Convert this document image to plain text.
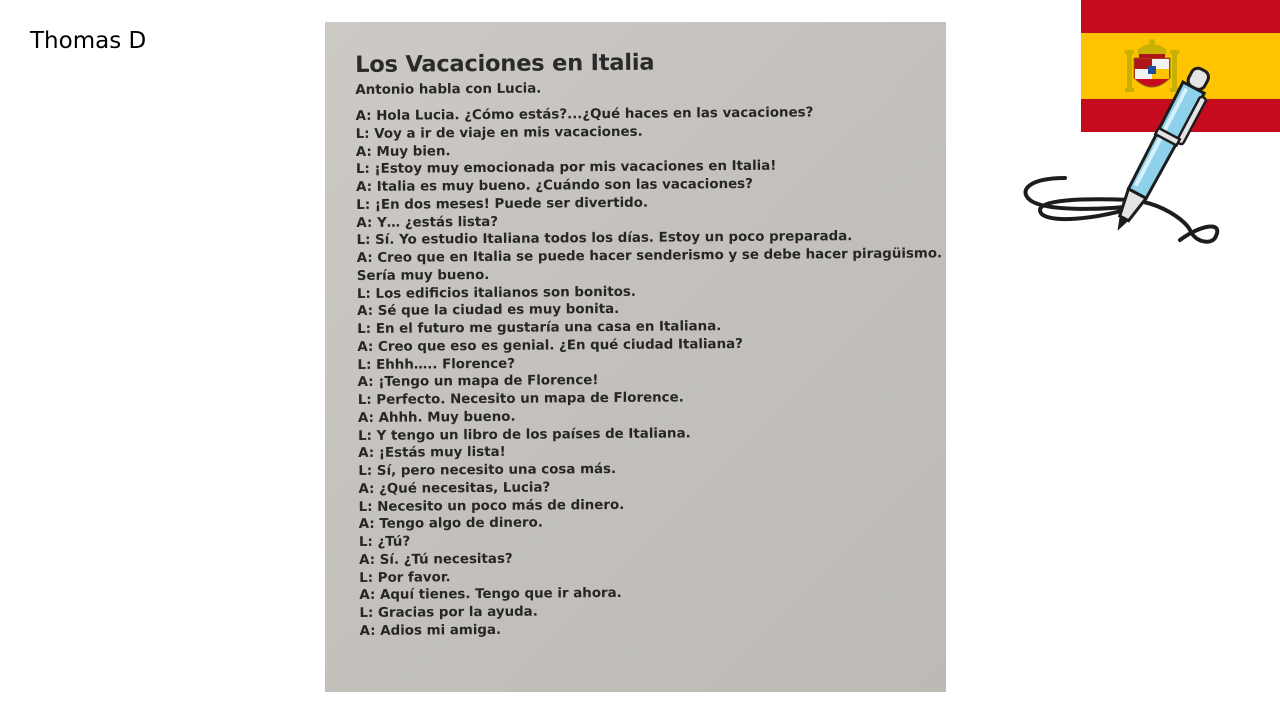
Thomas D
Los Vacaciones en Italia
Antonio habla con Lucia.
A: Hola Lucia. ¿Cómo estás?...¿Qué haces en las vacaciones?
L: Voy a ir de viaje en mis vacaciones.
A: Muy bien.
L: ¡Estoy muy emocionada por mis vacaciones en Italia!
A: Italia es muy bueno. ¿Cuándo son las vacaciones?
L: ¡En dos meses! Puede ser divertido.
A: Y… ¿estás lista?
L: Sí. Yo estudio Italiana todos los días. Estoy un poco preparada.
A: Creo que en Italia se puede hacer senderismo y se debe hacer piragüismo.
Sería muy bueno.
L: Los edificios italianos son bonitos.
A: Sé que la ciudad es muy bonita.
L: En el futuro me gustaría una casa en Italiana.
A: Creo que eso es genial. ¿En qué ciudad Italiana?
L: Ehhh….. Florence?
A: ¡Tengo un mapa de Florence!
L: Perfecto. Necesito un mapa de Florence.
A: Ahhh. Muy bueno.
L: Y tengo un libro de los países de Italiana.
A: ¡Estás muy lista!
L: Sí, pero necesito una cosa más.
A: ¿Qué necesitas, Lucia?
L: Necesito un poco más de dinero.
A: Tengo algo de dinero.
L: ¿Tú?
A: Sí. ¿Tú necesitas?
L: Por favor.
A: Aquí tienes. Tengo que ir ahora.
L: Gracias por la ayuda.
A: Adios mi amiga.
